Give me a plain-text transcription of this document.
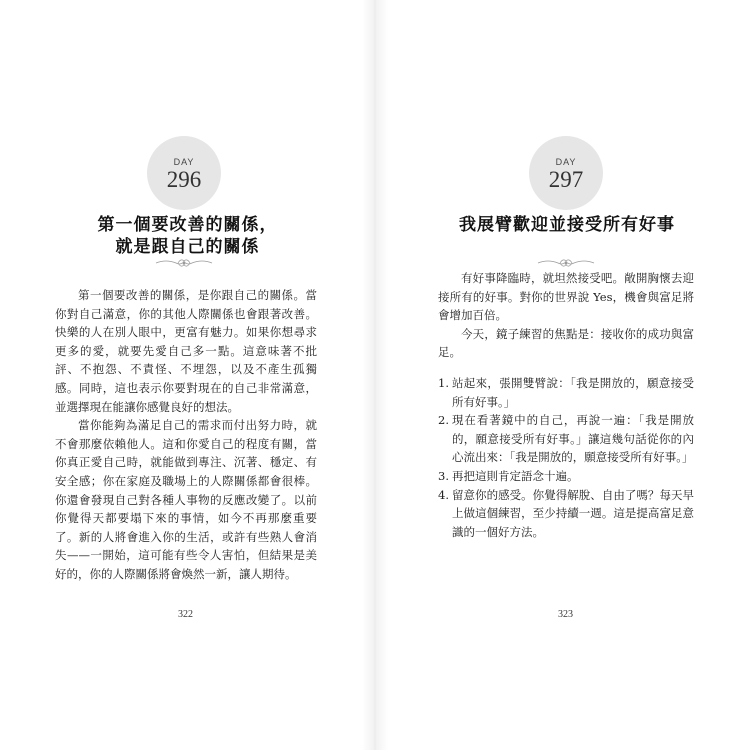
DAY
296
第一個要改善的關係，
就是跟自己的關係

第一個要改善的關係，是你跟自己的關係。當你對自己滿意，你的其他人際關係也會跟著改善。快樂的人在別人眼中，更富有魅力。如果你想尋求更多的愛，就要先愛自己多一點。這意味著不批評、不抱怨、不責怪、不埋怨，以及不產生孤獨感。同時，這也表示你要對現在的自己非常滿意，並選擇現在能讓你感覺良好的想法。

當你能夠為滿足自己的需求而付出努力時，就不會那麼依賴他人。這和你愛自己的程度有關，當你真正愛自己時，就能做到專注、沉著、穩定、有安全感；你在家庭及職場上的人際關係都會很棒。你還會發現自己對各種人事物的反應改變了。以前你覺得天都要塌下來的事情，如今不再那麼重要了。新的人將會進入你的生活，或許有些熟人會消失——一開始，這可能有些令人害怕，但結果是美好的，你的人際關係將會煥然一新，讓人期待。

322
DAY
297
我展臂歡迎並接受所有好事

有好事降臨時，就坦然接受吧。敞開胸懷去迎接所有的好事。對你的世界說 Yes，機會與富足將會增加百倍。

今天，鏡子練習的焦點是：接收你的成功與富足。

1. 站起來，張開雙臂說：「我是開放的，願意接受所有好事。」
2. 現在看著鏡中的自己，再說一遍：「我是開放的，願意接受所有好事。」讓這幾句話從你的內心流出來：「我是開放的，願意接受所有好事。」
3. 再把這則肯定語念十遍。
4. 留意你的感受。你覺得解脫、自由了嗎？每天早上做這個練習，至少持續一週。這是提高富足意識的一個好方法。
323
